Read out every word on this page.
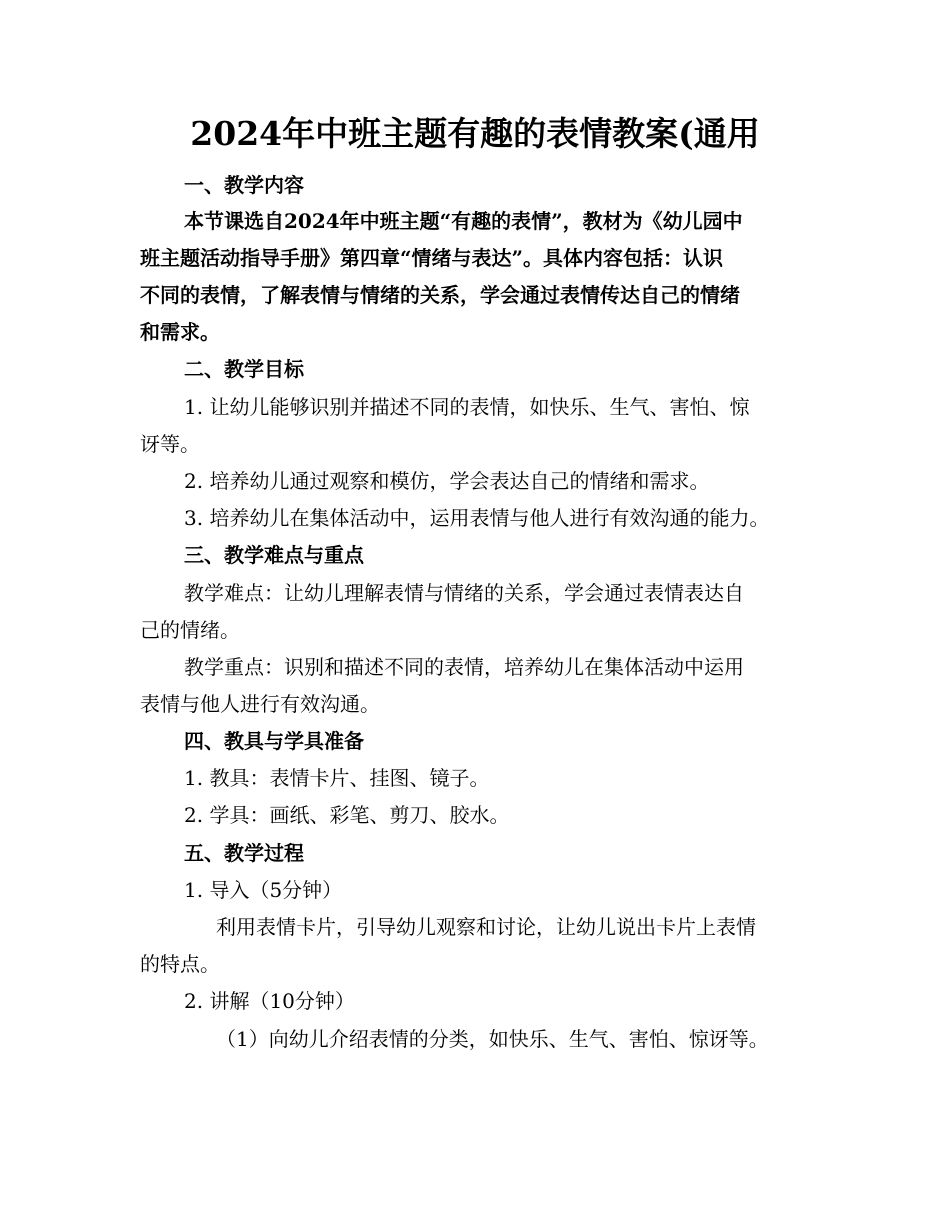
2024年中班主题有趣的表情教案(通用
一、教学内容
本节课选自2024年中班主题“有趣的表情”，教材为《幼儿园中
班主题活动指导手册》第四章“情绪与表达”。具体内容包括：认识
不同的表情，了解表情与情绪的关系，学会通过表情传达自己的情绪
和需求。
二、教学目标
1. 让幼儿能够识别并描述不同的表情，如快乐、生气、害怕、惊
讶等。
2. 培养幼儿通过观察和模仿，学会表达自己的情绪和需求。
3. 培养幼儿在集体活动中，运用表情与他人进行有效沟通的能力。
三、教学难点与重点
教学难点：让幼儿理解表情与情绪的关系，学会通过表情表达自
己的情绪。
教学重点：识别和描述不同的表情，培养幼儿在集体活动中运用
表情与他人进行有效沟通。
四、教具与学具准备
1. 教具：表情卡片、挂图、镜子。
2. 学具：画纸、彩笔、剪刀、胶水。
五、教学过程
1. 导入（5分钟）
利用表情卡片，引导幼儿观察和讨论，让幼儿说出卡片上表情
的特点。
2. 讲解（10分钟）
（1）向幼儿介绍表情的分类，如快乐、生气、害怕、惊讶等。
